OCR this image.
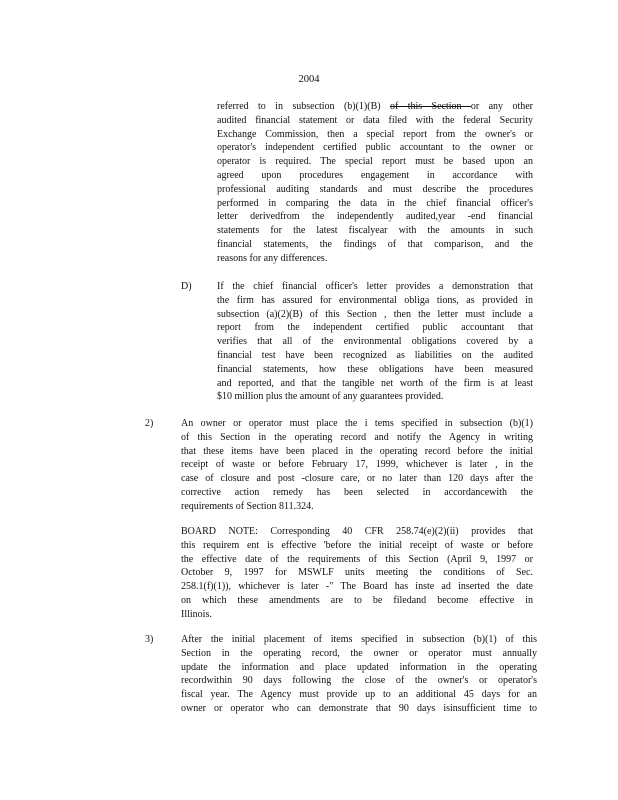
2004
referred to in subsection (b)(1)(B) of this Section or any other
audited financial statement or data filed with the federal Security
Exchange Commission, then a special report from the owner's or
operator's independent certified public accountant to the owner or
operator is required. The special report must be based upon an
agreed upon procedures engagement in accordance with
professional auditing standards and must describe the procedures
performed in comparing the data in the chief financial officer's
letter derivedfrom the independently audited,year -end financial
statements for the latest fiscalyear with the amounts in such
financial statements, the findings of that comparison, and the
reasons for any differences.
D)	If the chief financial officer's letter provides a demonstration that
the firm has assured for environmental obliga tions, as provided in
subsection (a)(2)(B) of this Section , then the letter must include a
report from the independent certified public accountant that
verifies that all of the environmental obligations covered by a
financial test have been recognized as liabilities on the audited
financial statements, how these obligations have been measured
and reported, and that the tangible net worth of the firm is at least
$10 million plus the amount of any guarantees provided.
2)	An owner or operator must place the i tems specified in subsection (b)(1)
of this Section in the operating record and notify the Agency in writing
that these items have been placed in the operating record before the initial
receipt of waste or before February 17, 1999, whichever is later , in the
case of closure and post -closure care, or no later than 120 days after the
corrective action remedy has been selected in accordancewith the
requirements of Section 811.324.
BOARD NOTE: Corresponding 40 CFR 258.74(e)(2)(ii) provides that
this requirem ent is effective 'before the initial receipt of waste or before
the effective date of the requirements of this Section (April 9, 1997 or
October 9, 1997 for MSWLF units meeting the conditions of Sec.
258.1(f)(1)), whichever is later -" The Board has inste ad inserted the date
on which these amendments are to be filedand become effective in
Illinois.
3)	After the initial placement of items specified in subsection (b)(1) of this
Section in the operating record, the owner or operator must annually
update the information and place updated information in the operating
recordwithin 90 days following the close of the owner's or operator's
fiscal year. The Agency must provide up to an additional 45 days for an
owner or operator who can demonstrate that 90 days isinsufficient time to
